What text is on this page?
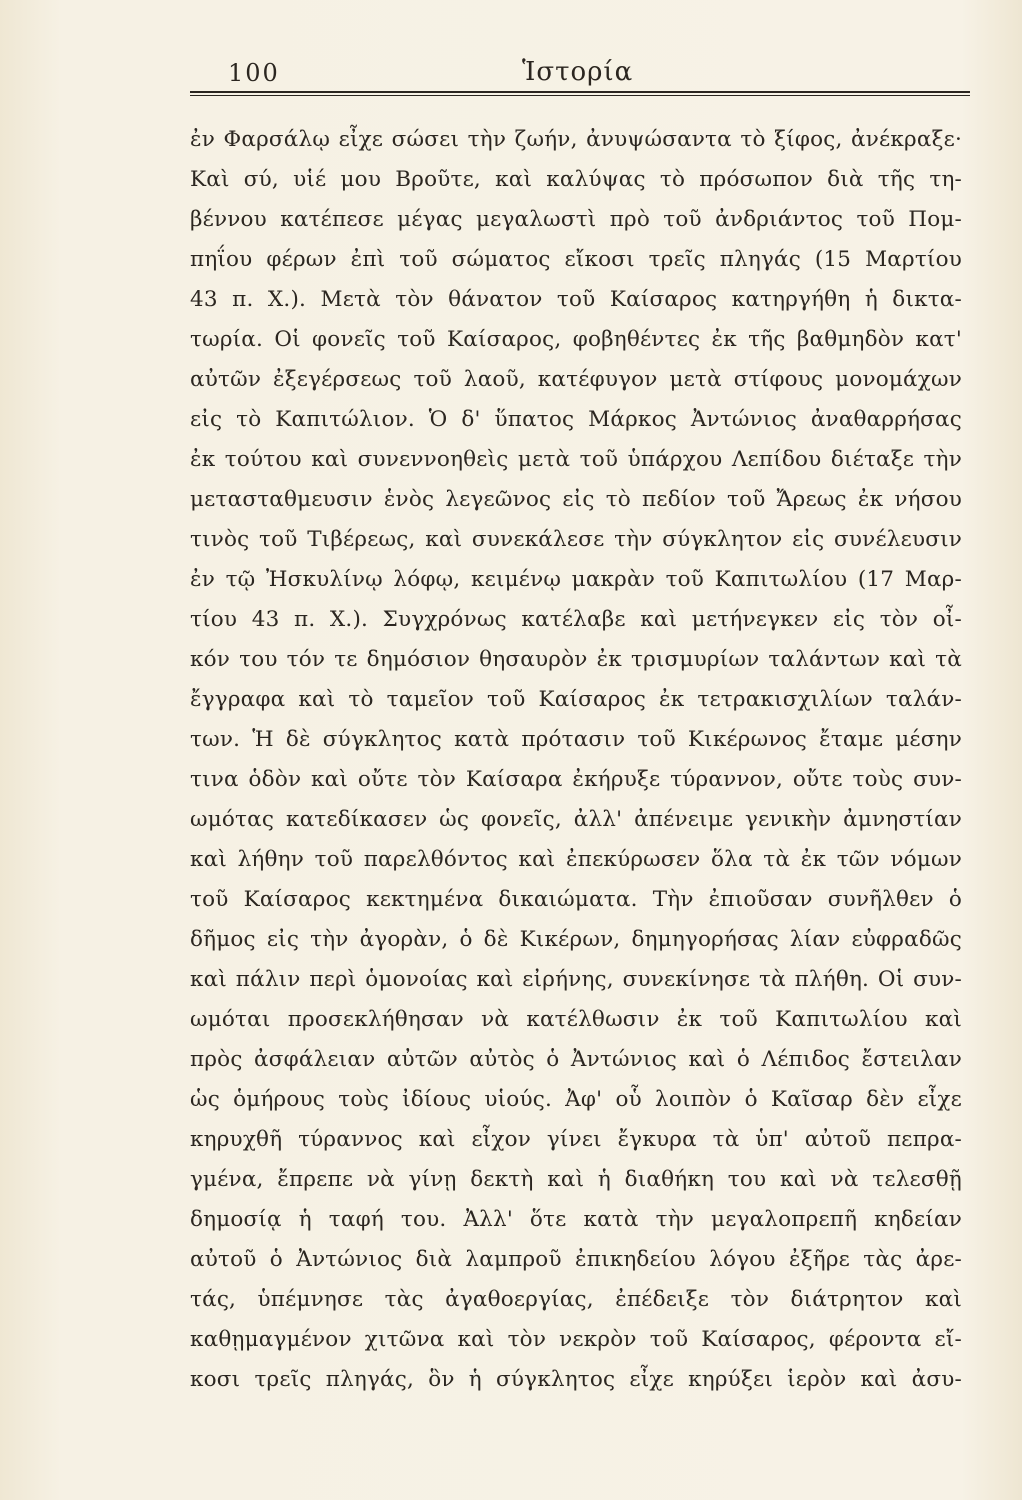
100	Ἱστορία
ἐν Φαρσάλῳ εἶχε σώσει τὴν ζωήν, ἀνυψώσαντα τὸ ξίφος, ἀνέκραξε·
Καὶ σύ, υἱέ μου Βροῦτε, καὶ καλύψας τὸ πρόσωπον διὰ τῆς τη-
βέννου κατέπεσε μέγας μεγαλωστὶ πρὸ τοῦ ἀνδριάντος τοῦ Πομ-
πηΐου φέρων ἐπὶ τοῦ σώματος εἴκοσι τρεῖς πληγάς (15 Μαρτίου
43 π. Χ.). Μετὰ τὸν θάνατον τοῦ Καίσαρος κατηργήθη ἡ δικτα-
τωρία. Οἱ φονεῖς τοῦ Καίσαρος, φοβηθέντες ἐκ τῆς βαθμηδὸν κατ'
αὐτῶν ἐξεγέρσεως τοῦ λαοῦ, κατέφυγον μετὰ στίφους μονομάχων
εἰς τὸ Καπιτώλιον. Ὁ δ' ὕπατος Μάρκος Ἀντώνιος ἀναθαρρήσας
ἐκ τούτου καὶ συνεννοηθεὶς μετὰ τοῦ ὑπάρχου Λεπίδου διέταξε τὴν
μετασταθμευσιν ἑνὸς λεγεῶνος εἰς τὸ πεδίον τοῦ Ἄρεως ἐκ νήσου
τινὸς τοῦ Τιβέρεως, καὶ συνεκάλεσε τὴν σύγκλητον εἰς συνέλευσιν
ἐν τῷ Ἠσκυλίνῳ λόφῳ, κειμένῳ μακρὰν τοῦ Καπιτωλίου (17 Μαρ-
τίου 43 π. Χ.). Συγχρόνως κατέλαβε καὶ μετήνεγκεν εἰς τὸν οἶ-
κόν του τόν τε δημόσιον θησαυρὸν ἐκ τρισμυρίων ταλάντων καὶ τὰ
ἔγγραφα καὶ τὸ ταμεῖον τοῦ Καίσαρος ἐκ τετρακισχιλίων ταλάν-
των. Ἡ δὲ σύγκλητος κατὰ πρότασιν τοῦ Κικέρωνος ἔταμε μέσην
τινα ὁδὸν καὶ οὔτε τὸν Καίσαρα ἐκήρυξε τύραννον, οὔτε τοὺς συν-
ωμότας κατεδίκασεν ὡς φονεῖς, ἀλλ' ἀπένειμε γενικὴν ἀμνηστίαν
καὶ λήθην τοῦ παρελθόντος καὶ ἐπεκύρωσεν ὅλα τὰ ἐκ τῶν νόμων
τοῦ Καίσαρος κεκτημένα δικαιώματα. Τὴν ἐπιοῦσαν συνῆλθεν ὁ
δῆμος εἰς τὴν ἀγορὰν, ὁ δὲ Κικέρων, δημηγορήσας λίαν εὐφραδῶς
καὶ πάλιν περὶ ὁμονοίας καὶ εἰρήνης, συνεκίνησε τὰ πλήθη. Οἱ συν-
ωμόται προσεκλήθησαν νὰ κατέλθωσιν ἐκ τοῦ Καπιτωλίου καὶ
πρὸς ἀσφάλειαν αὐτῶν αὐτὸς ὁ Ἀντώνιος καὶ ὁ Λέπιδος ἔστειλαν
ὡς ὁμήρους τοὺς ἰδίους υἱούς. Ἀφ' οὗ λοιπὸν ὁ Καῖσαρ δὲν εἶχε
κηρυχθῆ τύραννος καὶ εἶχον γίνει ἔγκυρα τὰ ὑπ' αὐτοῦ πεπρα-
γμένα, ἔπρεπε νὰ γίνῃ δεκτὴ καὶ ἡ διαθήκη του καὶ νὰ τελεσθῇ
δημοσίᾳ ἡ ταφή του. Ἀλλ' ὅτε κατὰ τὴν μεγαλοπρεπῆ κηδείαν
αὐτοῦ ὁ Ἀντώνιος διὰ λαμπροῦ ἐπικηδείου λόγου ἐξῆρε τὰς ἀρε-
τάς, ὑπέμνησε τὰς ἀγαθοεργίας, ἐπέδειξε τὸν διάτρητον καὶ
καθῃμαγμένον χιτῶνα καὶ τὸν νεκρὸν τοῦ Καίσαρος, φέροντα εἴ-
κοσι τρεῖς πληγάς, ὃν ἡ σύγκλητος εἶχε κηρύξει ἱερὸν καὶ ἀσυ-
